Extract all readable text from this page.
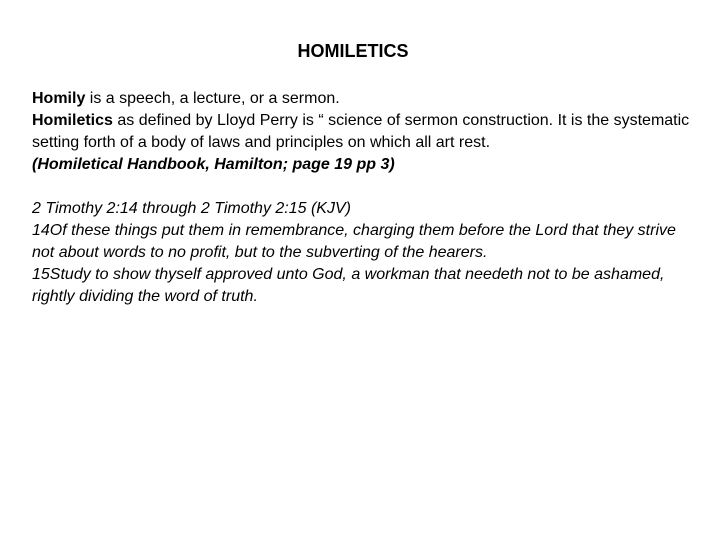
HOMILETICS

Homily is a speech, a lecture, or a sermon.

Homiletics as defined by Lloyd Perry is “ science of sermon construction. It is the systematic setting forth of a body of laws and principles on which all art rest.

(Homiletical Handbook, Hamilton; page 19 pp 3)

2 Timothy 2:14 through 2 Timothy 2:15 (KJV)

14Of these things put them in remembrance, charging them before the Lord that they strive not about words to no profit, but to the subverting of the hearers.

15Study to show thyself approved unto God, a workman that needeth not to be ashamed, rightly dividing the word of truth.
